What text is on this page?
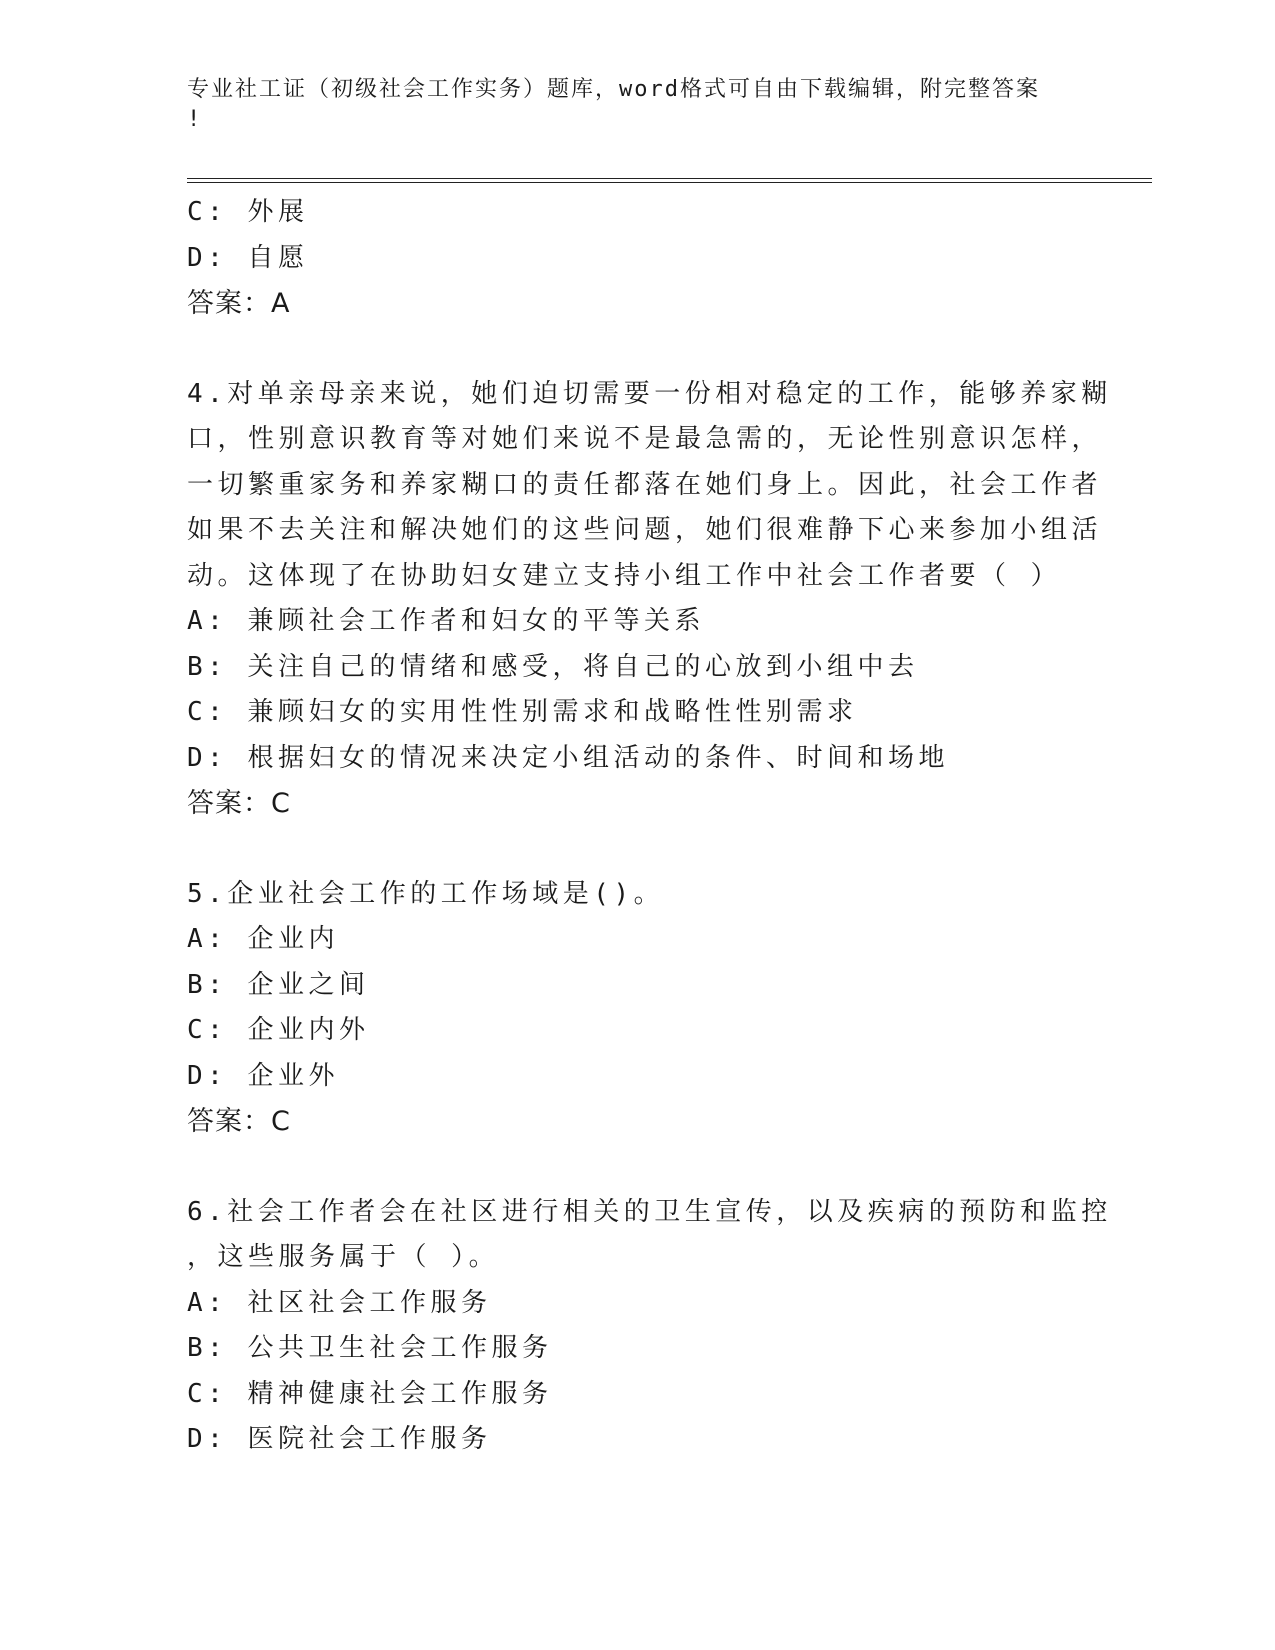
专业社工证（初级社会工作实务）题库，word格式可自由下载编辑，附完整答案
!
C: 外展
D: 自愿
答案：A
4.对单亲母亲来说，她们迫切需要一份相对稳定的工作，能够养家糊
口，性别意识教育等对她们来说不是最急需的，无论性别意识怎样，
一切繁重家务和养家糊口的责任都落在她们身上。因此，社会工作者
如果不去关注和解决她们的这些问题，她们很难静下心来参加小组活
动。这体现了在协助妇女建立支持小组工作中社会工作者要（ ）
A: 兼顾社会工作者和妇女的平等关系
B: 关注自己的情绪和感受，将自己的心放到小组中去
C: 兼顾妇女的实用性性别需求和战略性性别需求
D: 根据妇女的情况来决定小组活动的条件、时间和场地
答案：C
5.企业社会工作的工作场域是()。
A: 企业内
B: 企业之间
C: 企业内外
D: 企业外
答案：C
6.社会工作者会在社区进行相关的卫生宣传，以及疾病的预防和监控
，这些服务属于（ ）。
A: 社区社会工作服务
B: 公共卫生社会工作服务
C: 精神健康社会工作服务
D: 医院社会工作服务
